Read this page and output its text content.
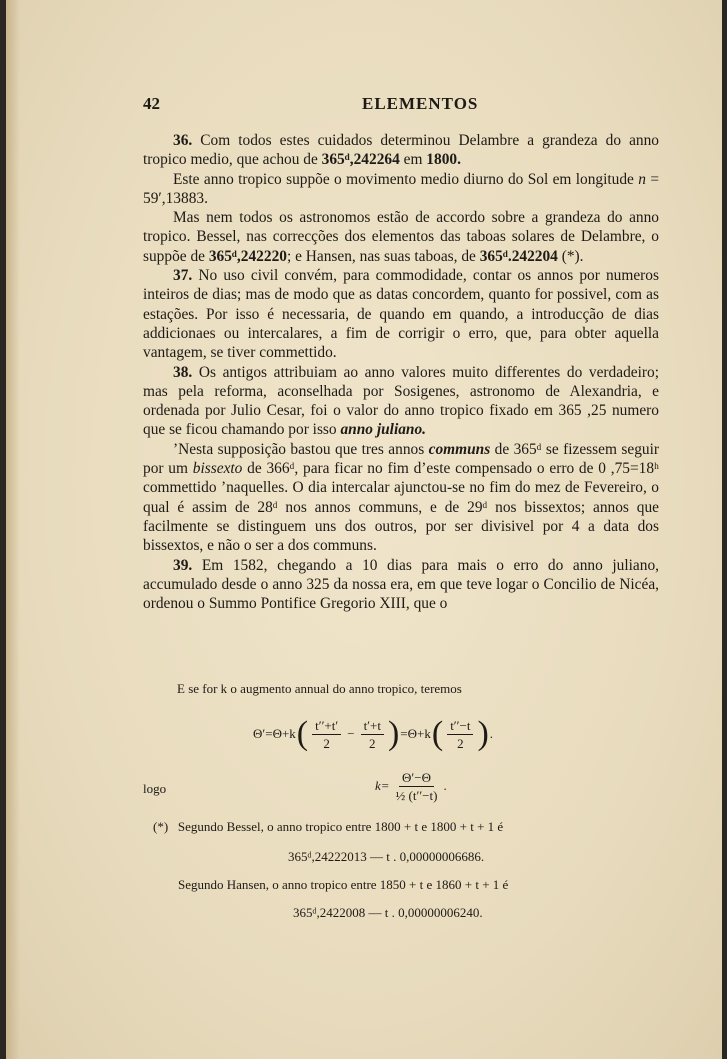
42	ELEMENTOS

36. Com todos estes cuidados determinou Delambre a grandeza do anno tropico medio, que achou de 365ᵈ,242264 em 1800.

Este anno tropico suppõe o movimento medio diurno do Sol em longitude n = 59′,13883.

Mas nem todos os astronomos estão de accordo sobre a grandeza do anno tropico. Bessel, nas correcções dos elementos das taboas solares de Delambre, o suppõe de 365ᵈ,242220; e Hansen, nas suas taboas, de 365ᵈ.242204 (*).

37. No uso civil convém, para commodidade, contar os annos por numeros inteiros de dias; mas de modo que as datas concordem, quanto for possivel, com as estações. Por isso é necessaria, de quando em quando, a introducção de dias addicionaes ou intercalares, a fim de corrigir o erro, que, para obter aquella vantagem, se tiver commettido.

38. Os antigos attribuiam ao anno valores muito differentes do verdadeiro; mas pela reforma, aconselhada por Sosigenes, astronomo de Alexandria, e ordenada por Julio Cesar, foi o valor do anno tropico fixado em 365 ,25 numero que se ficou chamando por isso anno juliano.

’Nesta supposição bastou que tres annos communs de 365ᵈ se fizessem seguir por um bissexto de 366ᵈ, para ficar no fim d’este compensado o erro de 0 ,75=18ʰ commettido ’naquelles. O dia intercalar ajunctou-se no fim do mez de Fevereiro, o qual é assim de 28ᵈ nos annos communs, e de 29ᵈ nos bissextos; annos que facilmente se distinguem uns dos outros, por ser divisivel por 4 a data dos bissextos, e não o ser a dos communs.

39. Em 1582, chegando a 10 dias para mais o erro do anno juliano, accumulado desde o anno 325 da nossa era, em que teve logar o Concilio de Nicéa, ordenou o Summo Pontifice Gregorio XIII, que o

E se for k o augmento annual do anno tropico, teremos

Θ′=Θ+k ( $\frac{t''+t'}{2} - \frac{t'+t}{2}$ ) =Θ+k ( $\frac{t''-t}{2}$ ) .
logo	$k= \frac{\Theta'-\Theta}{\text{½ (t′′−t)}}$ .
(*) Segundo Bessel, o anno tropico entre 1800 + t e 1800 + t + 1 é
365ᵈ,24222013 — t . 0,00000006686.
Segundo Hansen, o anno tropico entre 1850 + t e 1860 + t + 1 é
365ᵈ,2422008 — t . 0,00000006240.
